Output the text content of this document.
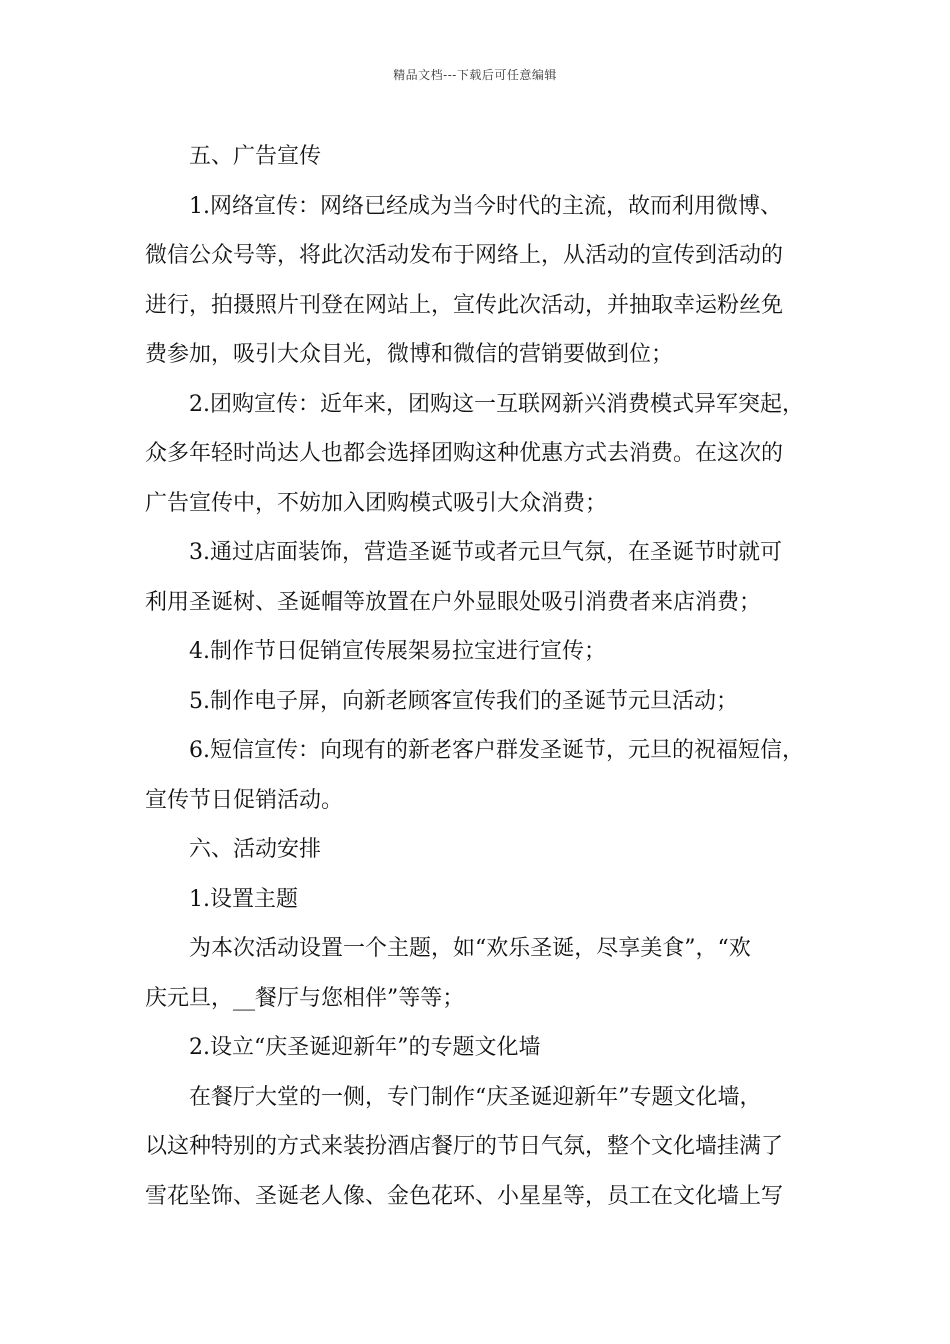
精品文档---下载后可任意编辑
五、广告宣传
1.网络宣传：网络已经成为当今时代的主流，故而利用微博、
微信公众号等，将此次活动发布于网络上，从活动的宣传到活动的
进行，拍摄照片刊登在网站上，宣传此次活动，并抽取幸运粉丝免
费参加，吸引大众目光，微博和微信的营销要做到位；
2.团购宣传：近年来，团购这一互联网新兴消费模式异军突起，
众多年轻时尚达人也都会选择团购这种优惠方式去消费。在这次的
广告宣传中，不妨加入团购模式吸引大众消费；
3.通过店面装饰，营造圣诞节或者元旦气氛，在圣诞节时就可
利用圣诞树、圣诞帽等放置在户外显眼处吸引消费者来店消费；
4.制作节日促销宣传展架易拉宝进行宣传；
5.制作电子屏，向新老顾客宣传我们的圣诞节元旦活动；
6.短信宣传：向现有的新老客户群发圣诞节，元旦的祝福短信，
宣传节日促销活动。
六、活动安排
1.设置主题
为本次活动设置一个主题，如“欢乐圣诞，尽享美食”，“欢
庆元旦，__餐厅与您相伴”等等；
2.设立“庆圣诞迎新年”的专题文化墙
在餐厅大堂的一侧，专门制作“庆圣诞迎新年”专题文化墙，
以这种特别的方式来装扮酒店餐厅的节日气氛，整个文化墙挂满了
雪花坠饰、圣诞老人像、金色花环、小星星等，员工在文化墙上写
